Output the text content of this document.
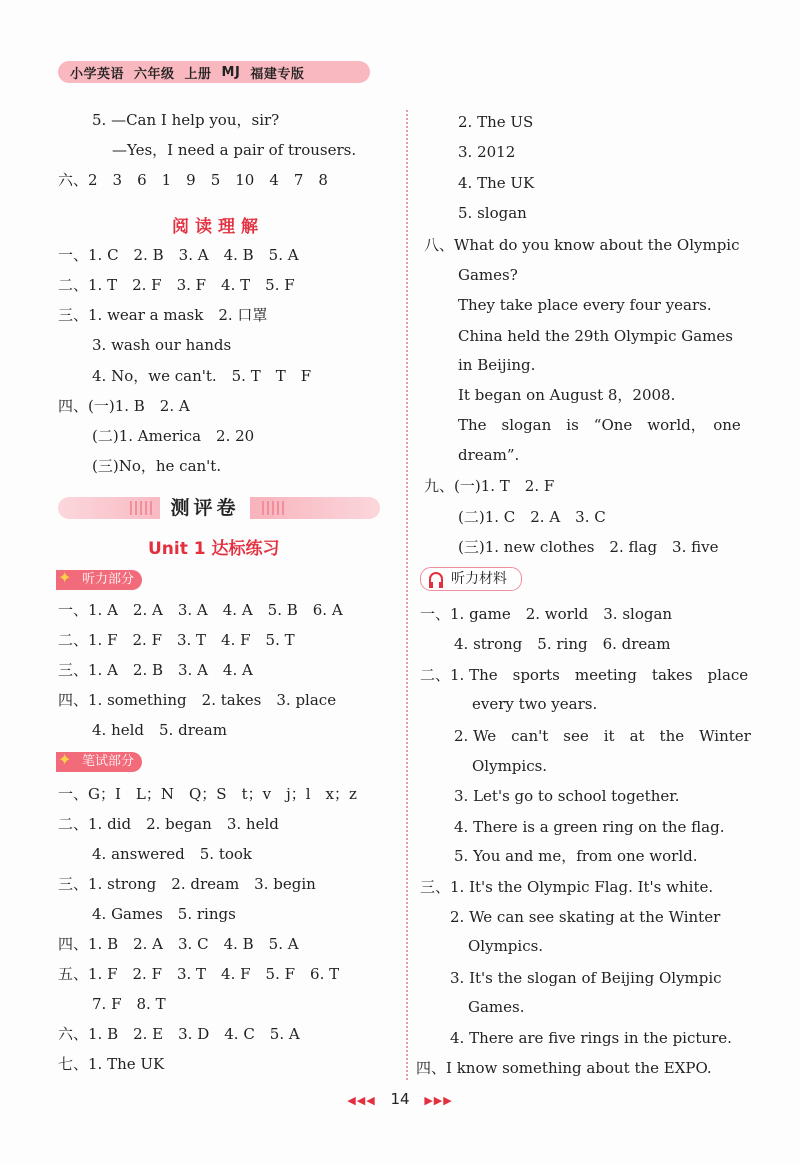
小学英语 六年级 上册 MJ 福建专版
5. —Can I help you，sir?
—Yes，I need a pair of trousers.
六、2　3　6　1　9　5　10　4　7　8
阅读理解
一、1. C　2. B　3. A　4. B　5. A
二、1. T　2. F　3. F　4. T　5. F
三、1. wear a mask　2. 口罩
3. wash our hands
4. No，we can't.　5. T　T　F
四、(一)1. B　2. A
(二)1. America　2. 20
(三)No，he can't.
测评卷
Unit 1 达标练习
✦ 听力部分
一、1. A　2. A　3. A　4. A　5. B　6. A
二、1. F　2. F　3. T　4. F　5. T
三、1. A　2. B　3. A　4. A
四、1. something　2. takes　3. place
4. held　5. dream
✦ 笔试部分
一、G；I　L；N　Q；S　t；v　j；l　x；z
二、1. did　2. began　3. held
4. answered　5. took
三、1. strong　2. dream　3. begin
4. Games　5. rings
四、1. B　2. A　3. C　4. B　5. A
五、1. F　2. F　3. T　4. F　5. F　6. T
7. F　8. T
六、1. B　2. E　3. D　4. C　5. A
七、1. The UK
2. The US
3. 2012
4. The UK
5. slogan
八、What do you know about the Olympic
Games?
They take place every four years.
China held the 29th Olympic Games
in Beijing.
It began on August 8，2008.
The　slogan　is　“One　world，　one
dream”.
九、(一)1. T　2. F
(二)1. C　2. A　3. C
(三)1. new clothes　2. flag　3. five
听力材料
一、1. game　2. world　3. slogan
4. strong　5. ring　6. dream
二、1. The　sports　meeting　takes　place
every two years.
2. We　can't　see　it　at　the　Winter
Olympics.
3. Let's go to school together.
4. There is a green ring on the flag.
5. You and me，from one world.
三、1. It's the Olympic Flag. It's white.
2. We can see skating at the Winter
Olympics.
3. It's the slogan of Beijing Olympic
Games.
4. There are five rings in the picture.
四、I know something about the EXPO.
◀◀◀ 14 ▶▶▶
